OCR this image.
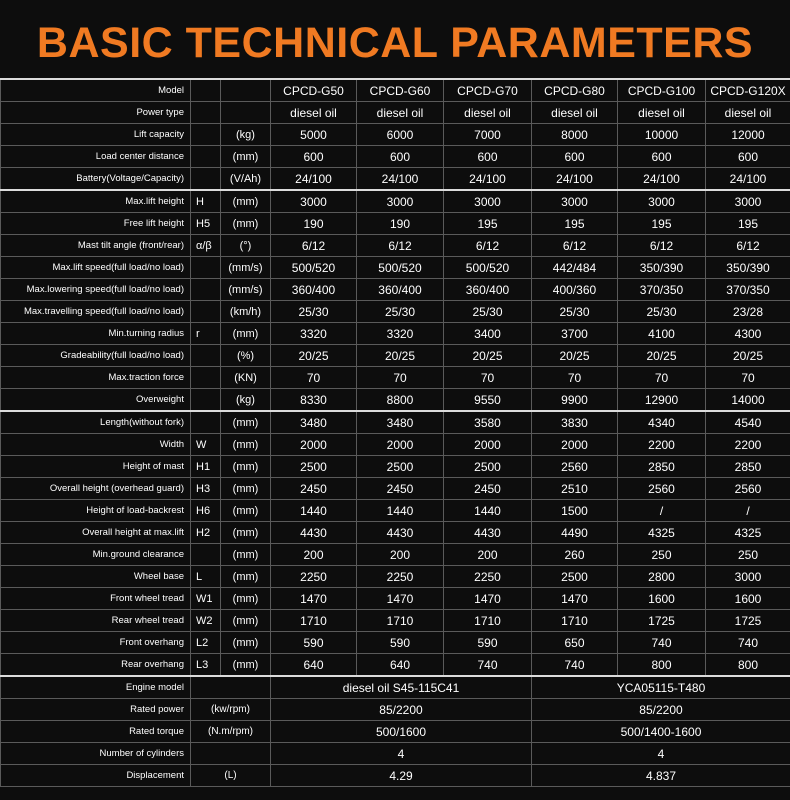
BASIC TECHNICAL PARAMETERS
Model			CPCD-G50	CPCD-G60	CPCD-G70	CPCD-G80	CPCD-G100	CPCD-G120X
Power type			diesel oil	diesel oil	diesel oil	diesel oil	diesel oil	diesel oil
Lift capacity		(kg)	5000	6000	7000	8000	10000	12000
Load center distance		(mm)	600	600	600	600	600	600
Battery(Voltage/Capacity)		(V/Ah)	24/100	24/100	24/100	24/100	24/100	24/100
Max.lift height	H	(mm)	3000	3000	3000	3000	3000	3000
Free lift height	H5	(mm)	190	190	195	195	195	195
Mast tilt angle (front/rear)	α/β	(°)	6/12	6/12	6/12	6/12	6/12	6/12
Max.lift speed(full load/no load)		(mm/s)	500/520	500/520	500/520	442/484	350/390	350/390
Max.lowering speed(full load/no load)		(mm/s)	360/400	360/400	360/400	400/360	370/350	370/350
Max.travelling speed(full load/no load)		(km/h)	25/30	25/30	25/30	25/30	25/30	23/28
Min.turning radius	r	(mm)	3320	3320	3400	3700	4100	4300
Gradeability(full load/no load)		(%)	20/25	20/25	20/25	20/25	20/25	20/25
Max.traction force		(KN)	70	70	70	70	70	70
Overweight		(kg)	8330	8800	9550	9900	12900	14000
Length(without fork)		(mm)	3480	3480	3580	3830	4340	4540
Width	W	(mm)	2000	2000	2000	2000	2200	2200
Height of mast	H1	(mm)	2500	2500	2500	2560	2850	2850
Overall height (overhead guard)	H3	(mm)	2450	2450	2450	2510	2560	2560
Height of load-backrest	H6	(mm)	1440	1440	1440	1500	/	/
Overall height at max.lift	H2	(mm)	4430	4430	4430	4490	4325	4325
Min.ground clearance		(mm)	200	200	200	260	250	250
Wheel base	L	(mm)	2250	2250	2250	2500	2800	3000
Front wheel tread	W1	(mm)	1470	1470	1470	1470	1600	1600
Rear wheel tread	W2	(mm)	1710	1710	1710	1710	1725	1725
Front overhang	L2	(mm)	590	590	590	650	740	740
Rear overhang	L3	(mm)	640	640	740	740	800	800
Engine model			diesel oil S45-115C41			YCA05115-T480		
Rated power	(kw/rpm)		85/2200			85/2200		
Rated torque	(N.m/rpm)		500/1600			500/1400-1600		
Number of cylinders			4			4		
Displacement	(L)		4.29			4.837		
